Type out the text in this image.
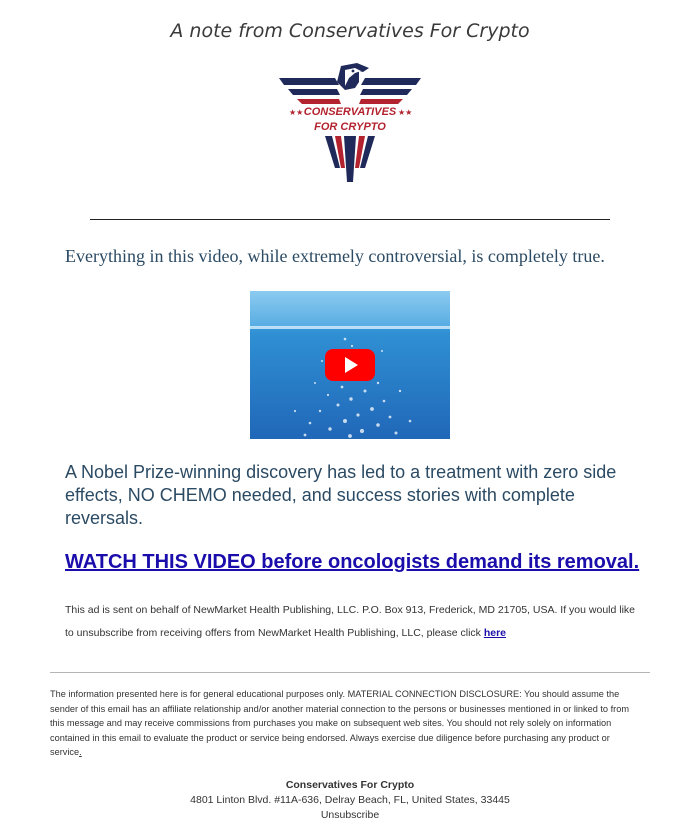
A note from Conservatives For Crypto
★★	★★
CONSERVATIVES
FOR CRYPTO
Everything in this video, while extremely controversial, is completely true.
A Nobel Prize-winning discovery has led to a treatment with zero side effects, NO CHEMO needed, and success stories with complete reversals.
WATCH THIS VIDEO before oncologists demand its removal.
This ad is sent on behalf of NewMarket Health Publishing, LLC. P.O. Box 913, Frederick, MD 21705, USA. If you would like to unsubscribe from receiving offers from NewMarket Health Publishing, LLC, please click here
The information presented here is for general educational purposes only. MATERIAL CONNECTION DISCLOSURE: You should assume the sender of this email has an affiliate relationship and/or another material connection to the persons or businesses mentioned in or linked to from this message and may receive commissions from purchases you make on subsequent web sites. You should not rely solely on information contained in this email to evaluate the product or service being endorsed. Always exercise due diligence before purchasing any product or service.
Conservatives For Crypto
4801 Linton Blvd. #11A-636, Delray Beach, FL, United States, 33445
Unsubscribe
